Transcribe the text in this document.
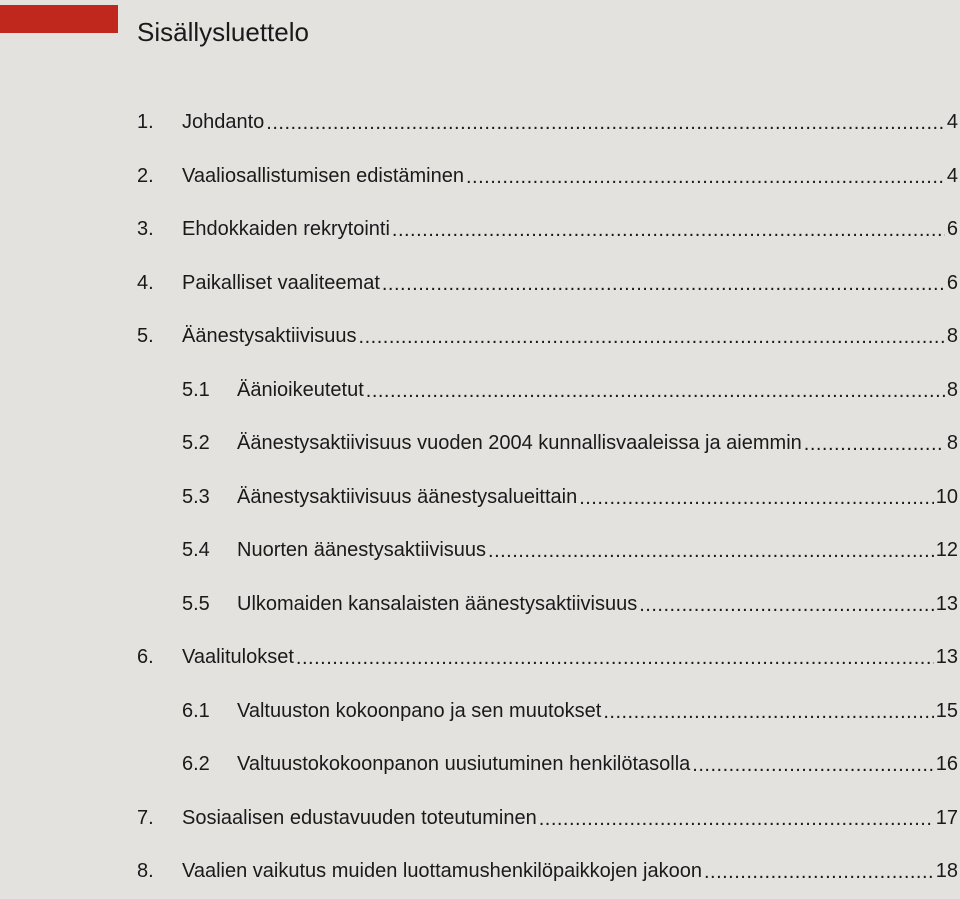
Sisällysluettelo
1.	Johdanto .....	4
2.	Vaaliosallistumisen edistäminen .....	4
3.	Ehdokkaiden rekrytointi .....	6
4.	Paikalliset vaaliteemat .....	6
5.	Äänestysaktiivisuus .....	8
5.1	Äänioikeutetut .....	8
5.2	Äänestysaktiivisuus vuoden 2004 kunnallisvaaleissa ja aiemmin .....	8
5.3	Äänestysaktiivisuus äänestysalueittain .....	10
5.4	Nuorten äänestysaktiivisuus .....	12
5.5	Ulkomaiden kansalaisten äänestysaktiivisuus .....	13
6.	Vaalitulokset .....	13
6.1	Valtuuston kokoonpano ja sen muutokset .....	15
6.2	Valtuustokokoonpanon uusiutuminen henkilötasolla .....	16
7.	Sosiaalisen edustavuuden toteutuminen .....	17
8.	Vaalien vaikutus muiden luottamushenkilöpaikkojen jakoon .....	18
